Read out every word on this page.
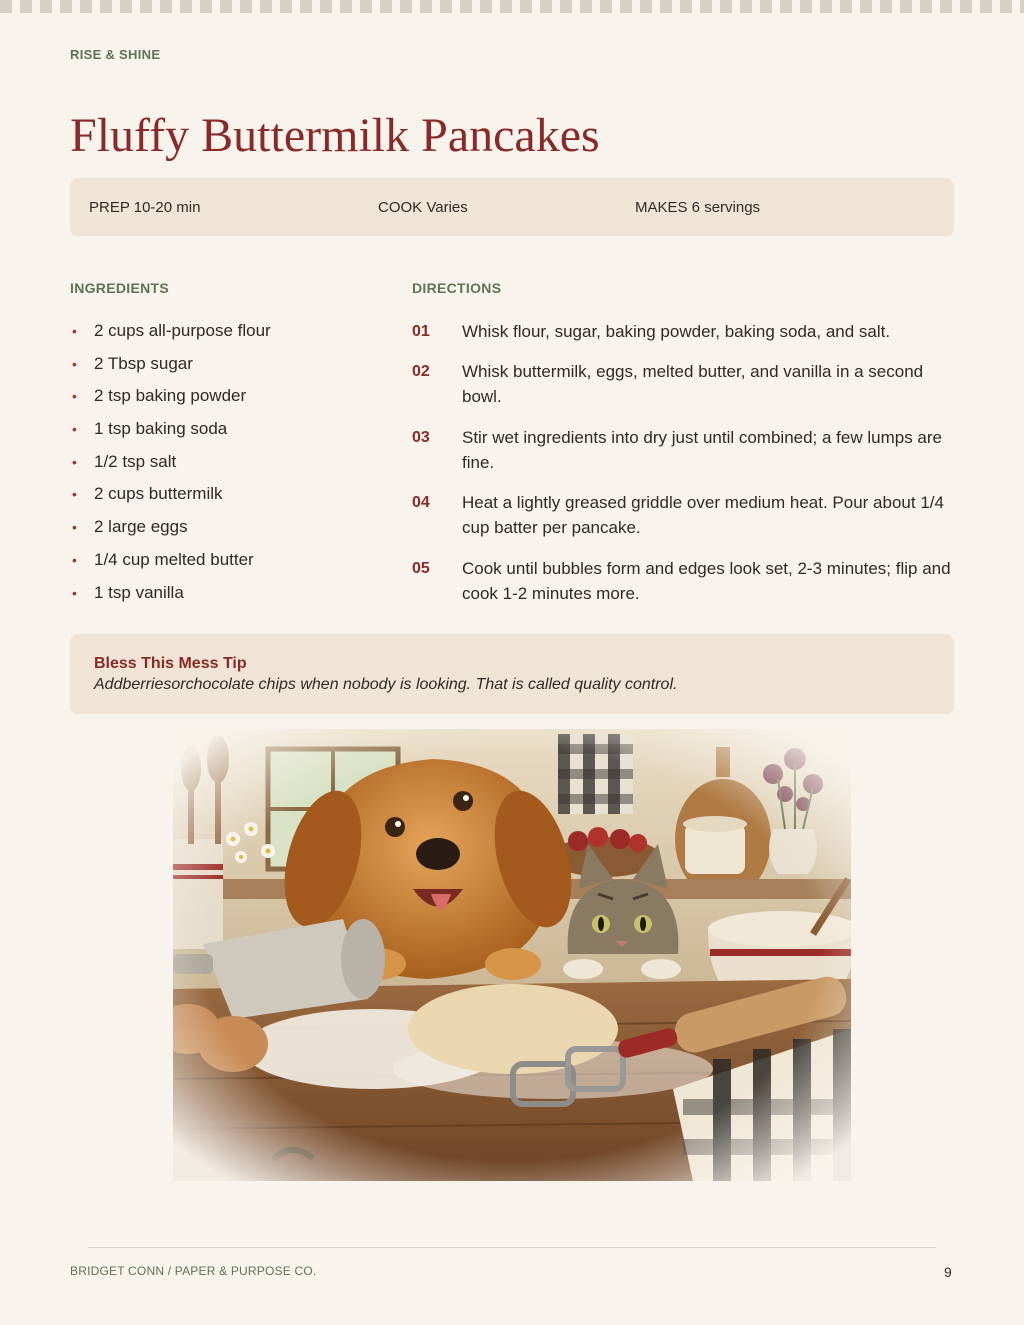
RISE & SHINE
Fluffy Buttermilk Pancakes
PREP 10-20 min	COOK Varies	MAKES 6 servings
INGREDIENTS	DIRECTIONS
• 2 cups all-purpose flour
• 2 Tbsp sugar
• 2 tsp baking powder
• 1 tsp baking soda
• 1/2 tsp salt
• 2 cups buttermilk
• 2 large eggs
• 1/4 cup melted butter
• 1 tsp vanilla
01 Whisk flour, sugar, baking powder, baking soda, and salt.
02 Whisk buttermilk, eggs, melted butter, and vanilla in a second bowl.
03 Stir wet ingredients into dry just until combined; a few lumps are fine.
04 Heat a lightly greased griddle over medium heat. Pour about 1/4 cup batter per pancake.
05 Cook until bubbles form and edges look set, 2-3 minutes; flip and cook 1-2 minutes more.
Bless This Mess Tip
Addberriesorchocolate chips when nobody is looking. That is called quality control.
BRIDGET CONN / PAPER & PURPOSE CO.	9
